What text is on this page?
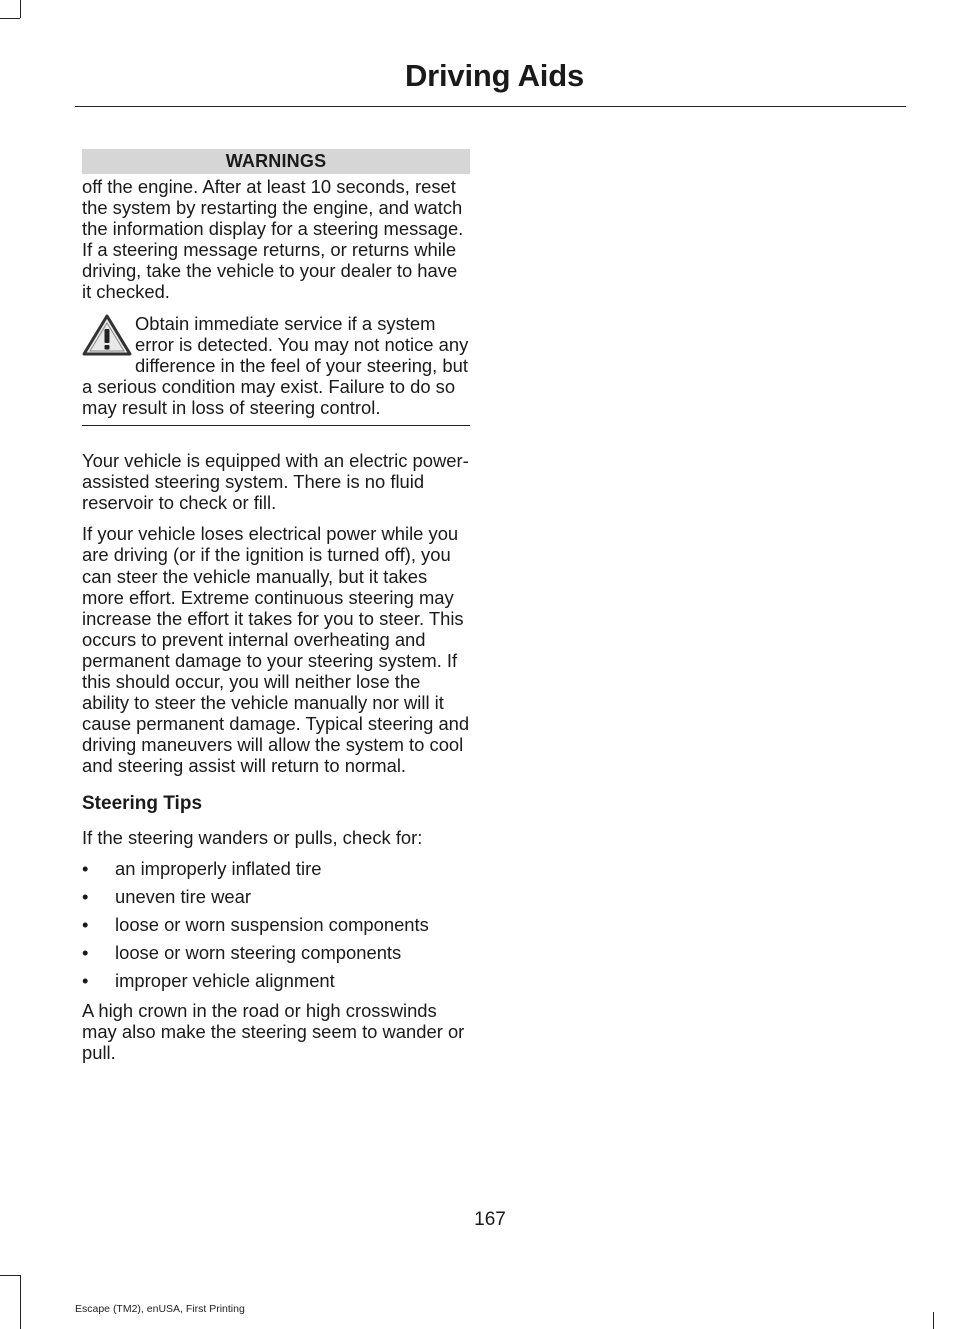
Driving Aids
WARNINGS

off the engine. After at least 10 seconds, reset the system by restarting the engine, and watch the information display for a steering message. If a steering message returns, or returns while driving, take the vehicle to your dealer to have it checked.

Obtain immediate service if a system error is detected. You may not notice any difference in the feel of your steering, but a serious condition may exist. Failure to do so may result in loss of steering control.

Your vehicle is equipped with an electric power-assisted steering system. There is no fluid reservoir to check or fill.

If your vehicle loses electrical power while you are driving (or if the ignition is turned off), you can steer the vehicle manually, but it takes more effort. Extreme continuous steering may increase the effort it takes for you to steer. This occurs to prevent internal overheating and permanent damage to your steering system. If this should occur, you will neither lose the ability to steer the vehicle manually nor will it cause permanent damage. Typical steering and driving maneuvers will allow the system to cool and steering assist will return to normal.

Steering Tips

If the steering wanders or pulls, check for:

• an improperly inflated tire
• uneven tire wear
• loose or worn suspension components
• loose or worn steering components
• improper vehicle alignment

A high crown in the road or high crosswinds may also make the steering seem to wander or pull.

167
Escape (TM2), enUSA, First Printing
